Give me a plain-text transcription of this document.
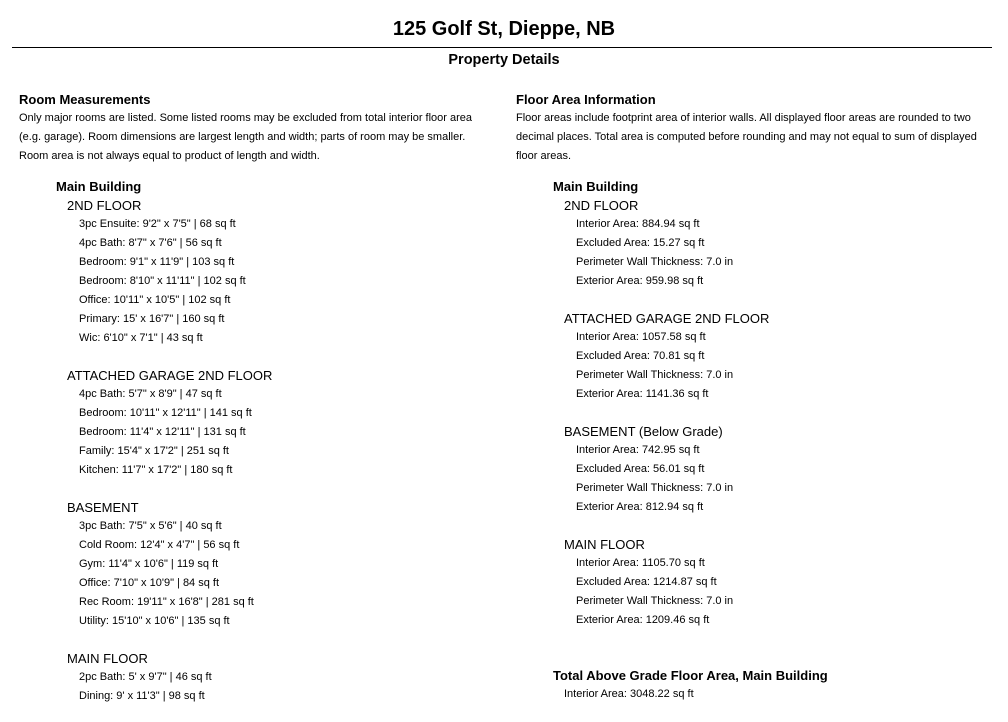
125 Golf St, Dieppe, NB
Property Details
Room Measurements

Only major rooms are listed. Some listed rooms may be excluded from total interior floor area (e.g. garage). Room dimensions are largest length and width; parts of room may be smaller. Room area is not always equal to product of length and width.

Main Building
2ND FLOOR
3pc Ensuite: 9'2" x 7'5" | 68 sq ft
4pc Bath: 8'7" x 7'6" | 56 sq ft
Bedroom: 9'1" x 11'9" | 103 sq ft
Bedroom: 8'10" x 11'11" | 102 sq ft
Office: 10'11" x 10'5" | 102 sq ft
Primary: 15' x 16'7" | 160 sq ft
Wic: 6'10" x 7'1" | 43 sq ft
ATTACHED GARAGE 2ND FLOOR
4pc Bath: 5'7" x 8'9" | 47 sq ft
Bedroom: 10'11" x 12'11" | 141 sq ft
Bedroom: 11'4" x 12'11" | 131 sq ft
Family: 15'4" x 17'2" | 251 sq ft
Kitchen: 11'7" x 17'2" | 180 sq ft
BASEMENT
3pc Bath: 7'5" x 5'6" | 40 sq ft
Cold Room: 12'4" x 4'7" | 56 sq ft
Gym: 11'4" x 10'6" | 119 sq ft
Office: 7'10" x 10'9" | 84 sq ft
Rec Room: 19'11" x 16'8" | 281 sq ft
Utility: 15'10" x 10'6" | 135 sq ft
MAIN FLOOR
2pc Bath: 5' x 9'7" | 46 sq ft
Dining: 9' x 11'3" | 98 sq ft
Floor Area Information

Floor areas include footprint area of interior walls. All displayed floor areas are rounded to two decimal places. Total area is computed before rounding and may not equal to sum of displayed floor areas.

Main Building
2ND FLOOR
Interior Area: 884.94 sq ft
Excluded Area: 15.27 sq ft
Perimeter Wall Thickness: 7.0 in
Exterior Area: 959.98 sq ft
ATTACHED GARAGE 2ND FLOOR
Interior Area: 1057.58 sq ft
Excluded Area: 70.81 sq ft
Perimeter Wall Thickness: 7.0 in
Exterior Area: 1141.36 sq ft
BASEMENT (Below Grade)
Interior Area: 742.95 sq ft
Excluded Area: 56.01 sq ft
Perimeter Wall Thickness: 7.0 in
Exterior Area: 812.94 sq ft
MAIN FLOOR
Interior Area: 1105.70 sq ft
Excluded Area: 1214.87 sq ft
Perimeter Wall Thickness: 7.0 in
Exterior Area: 1209.46 sq ft
Total Above Grade Floor Area, Main Building
Interior Area: 3048.22 sq ft
